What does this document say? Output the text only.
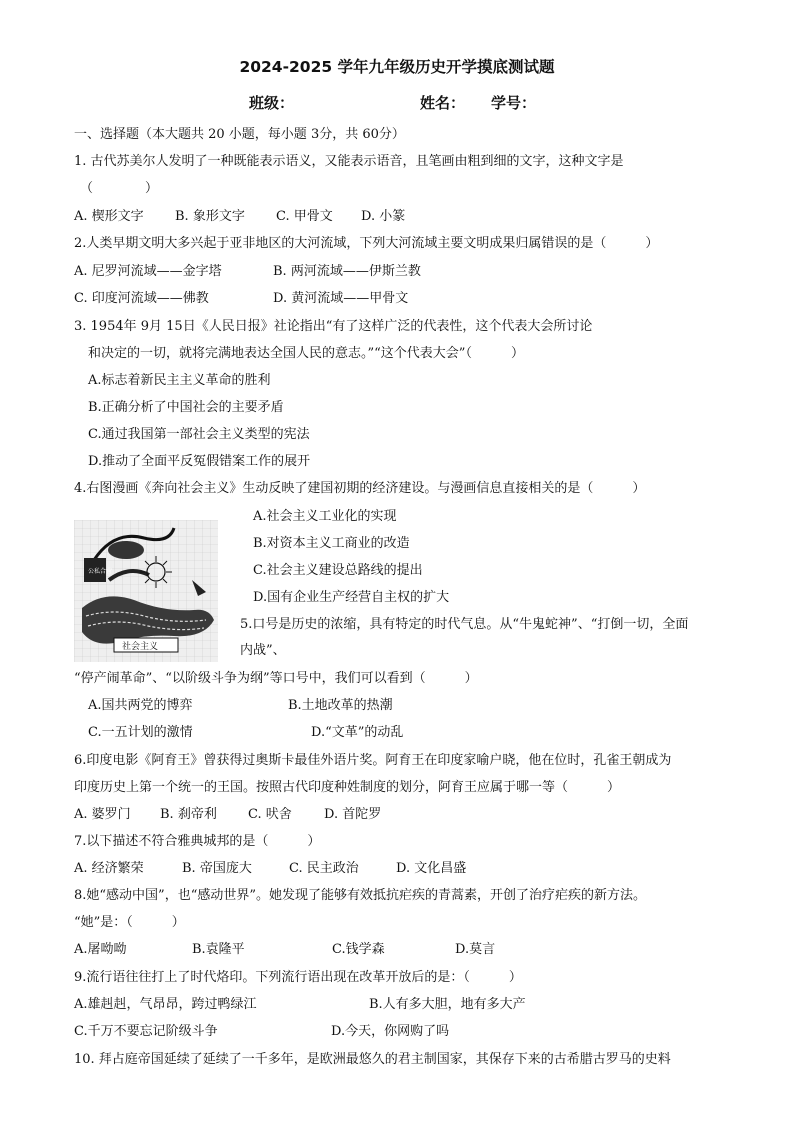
2024-2025 学年九年级历史开学摸底测试题
班级：	姓名： 学号：
一、选择题（本大题共 20 小题，每小题 3分，共 60分）
1. 古代苏美尔人发明了一种既能表示语义，又能表示语音，且笔画由粗到细的文字，这种文字是
（　　　　）
A. 楔形文字 B. 象形文字 C. 甲骨文 D. 小篆
2.人类早期文明大多兴起于亚非地区的大河流域，下列大河流域主要文明成果归属错误的是（　　　）
A. 尼罗河流域——金字塔	B. 两河流域——伊斯兰教
C. 印度河流域——佛教	D. 黄河流域——甲骨文
3. 1954年 9月 15日《人民日报》社论指出“有了这样广泛的代表性，这个代表大会所讨论
和决定的一切，就将完满地表达全国人民的意志。”“这个代表大会”（　　　）
A.标志着新民主主义革命的胜利
B.正确分析了中国社会的主要矛盾
C.通过我国第一部社会主义类型的宪法
D.推动了全面平反冤假错案工作的展开
4.右图漫画《奔向社会主义》生动反映了建国初期的经济建设。与漫画信息直接相关的是（　　　）
公私合营
社会主义
A.社会主义工业化的实现
B.对资本主义工商业的改造
C.社会主义建设总路线的提出
D.国有企业生产经营自主权的扩大
5.口号是历史的浓缩，具有特定的时代气息。从“牛鬼蛇神”、“打倒一切，全面
内战”、
“停产闹革命”、“以阶级斗争为纲”等口号中，我们可以看到（　　　）
A.国共两党的博弈	B.土地改革的热潮
C.一五计划的激情	D.“文革”的动乱
6.印度电影《阿育王》曾获得过奥斯卡最佳外语片奖。阿育王在印度家喻户晓，他在位时，孔雀王朝成为
印度历史上第一个统一的王国。按照古代印度种姓制度的划分，阿育王应属于哪一等（　　　）
A. 婆罗门 B. 刹帝利 C. 吠舍 D. 首陀罗
7.以下描述不符合雅典城邦的是（　　　）
A. 经济繁荣	B. 帝国庞大	C. 民主政治	D. 文化昌盛
8.她“感动中国”，也“感动世界”。她发现了能够有效抵抗疟疾的青蒿素，开创了治疗疟疾的新方法。
“她”是：（　　　）
A.屠呦呦	B.袁隆平	C.钱学森	D.莫言
9.流行语往往打上了时代烙印。下列流行语出现在改革开放后的是：（　　　）
A.雄赳赳，气昂昂，跨过鸭绿江	B.人有多大胆，地有多大产
C.千万不要忘记阶级斗争	D.今天，你网购了吗
10. 拜占庭帝国延续了延续了一千多年，是欧洲最悠久的君主制国家，其保存下来的古希腊古罗马的史料
